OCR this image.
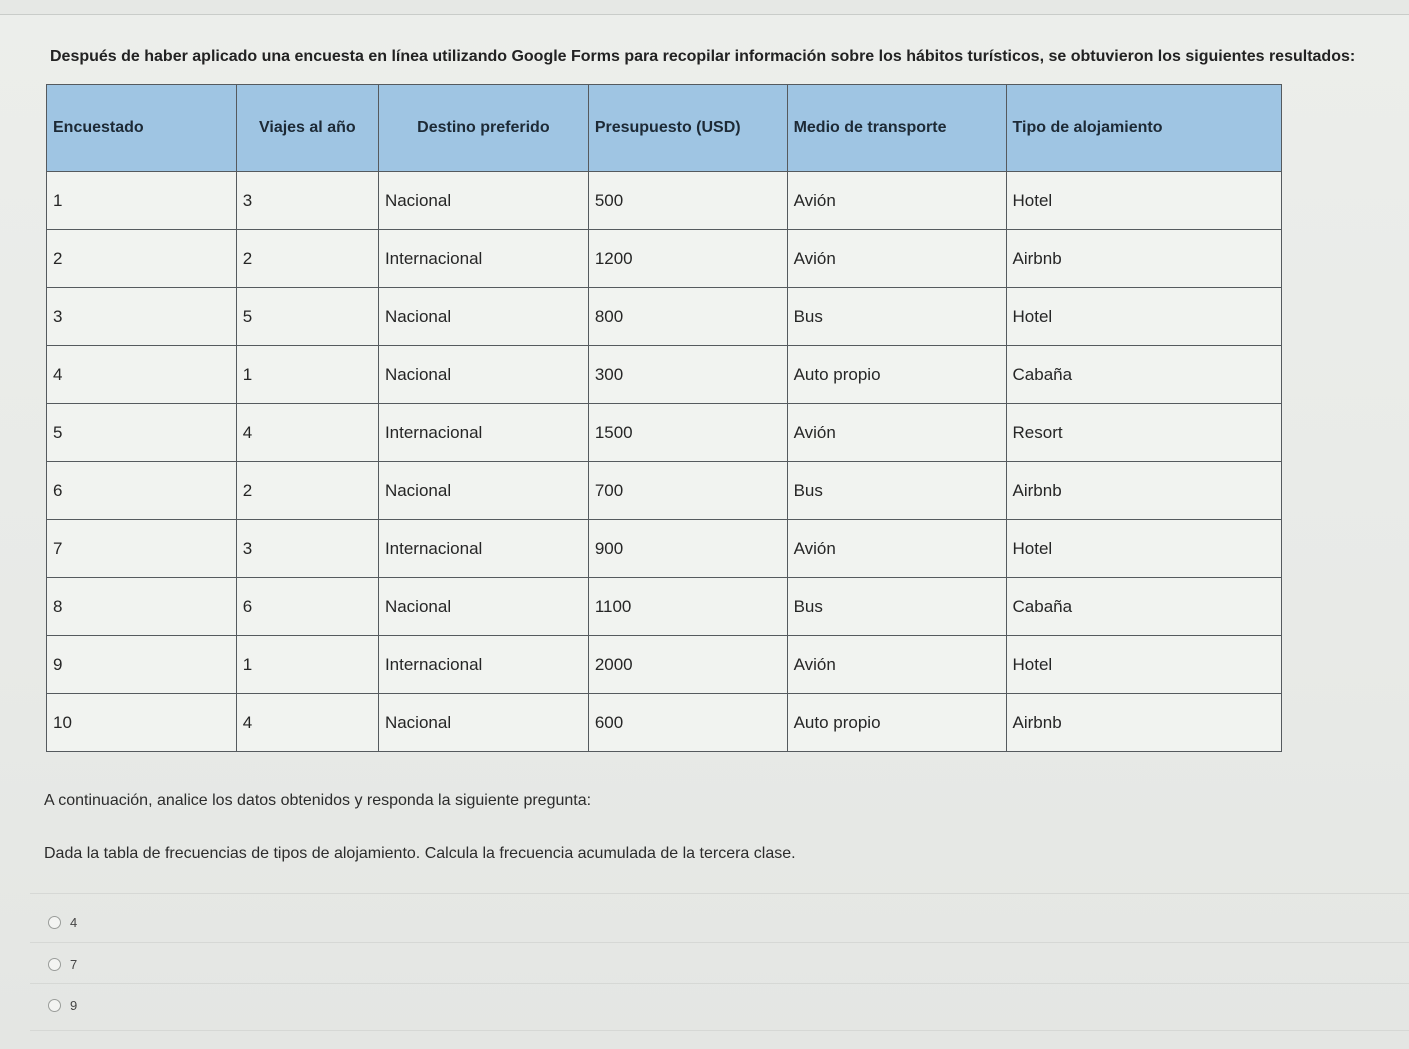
Después de haber aplicado una encuesta en línea utilizando Google Forms para recopilar información sobre los hábitos turísticos, se obtuvieron los siguientes resultados:
Encuestado	Viajes al año	Destino preferido	Presupuesto (USD)	Medio de transporte	Tipo de alojamiento
1	3	Nacional	500	Avión	Hotel
2	2	Internacional	1200	Avión	Airbnb
3	5	Nacional	800	Bus	Hotel
4	1	Nacional	300	Auto propio	Cabaña
5	4	Internacional	1500	Avión	Resort
6	2	Nacional	700	Bus	Airbnb
7	3	Internacional	900	Avión	Hotel
8	6	Nacional	1100	Bus	Cabaña
9	1	Internacional	2000	Avión	Hotel
10	4	Nacional	600	Auto propio	Airbnb
A continuación, analice los datos obtenidos y responda la siguiente pregunta:
Dada la tabla de frecuencias de tipos de alojamiento. Calcula la frecuencia acumulada de la tercera clase.
4
7
9
